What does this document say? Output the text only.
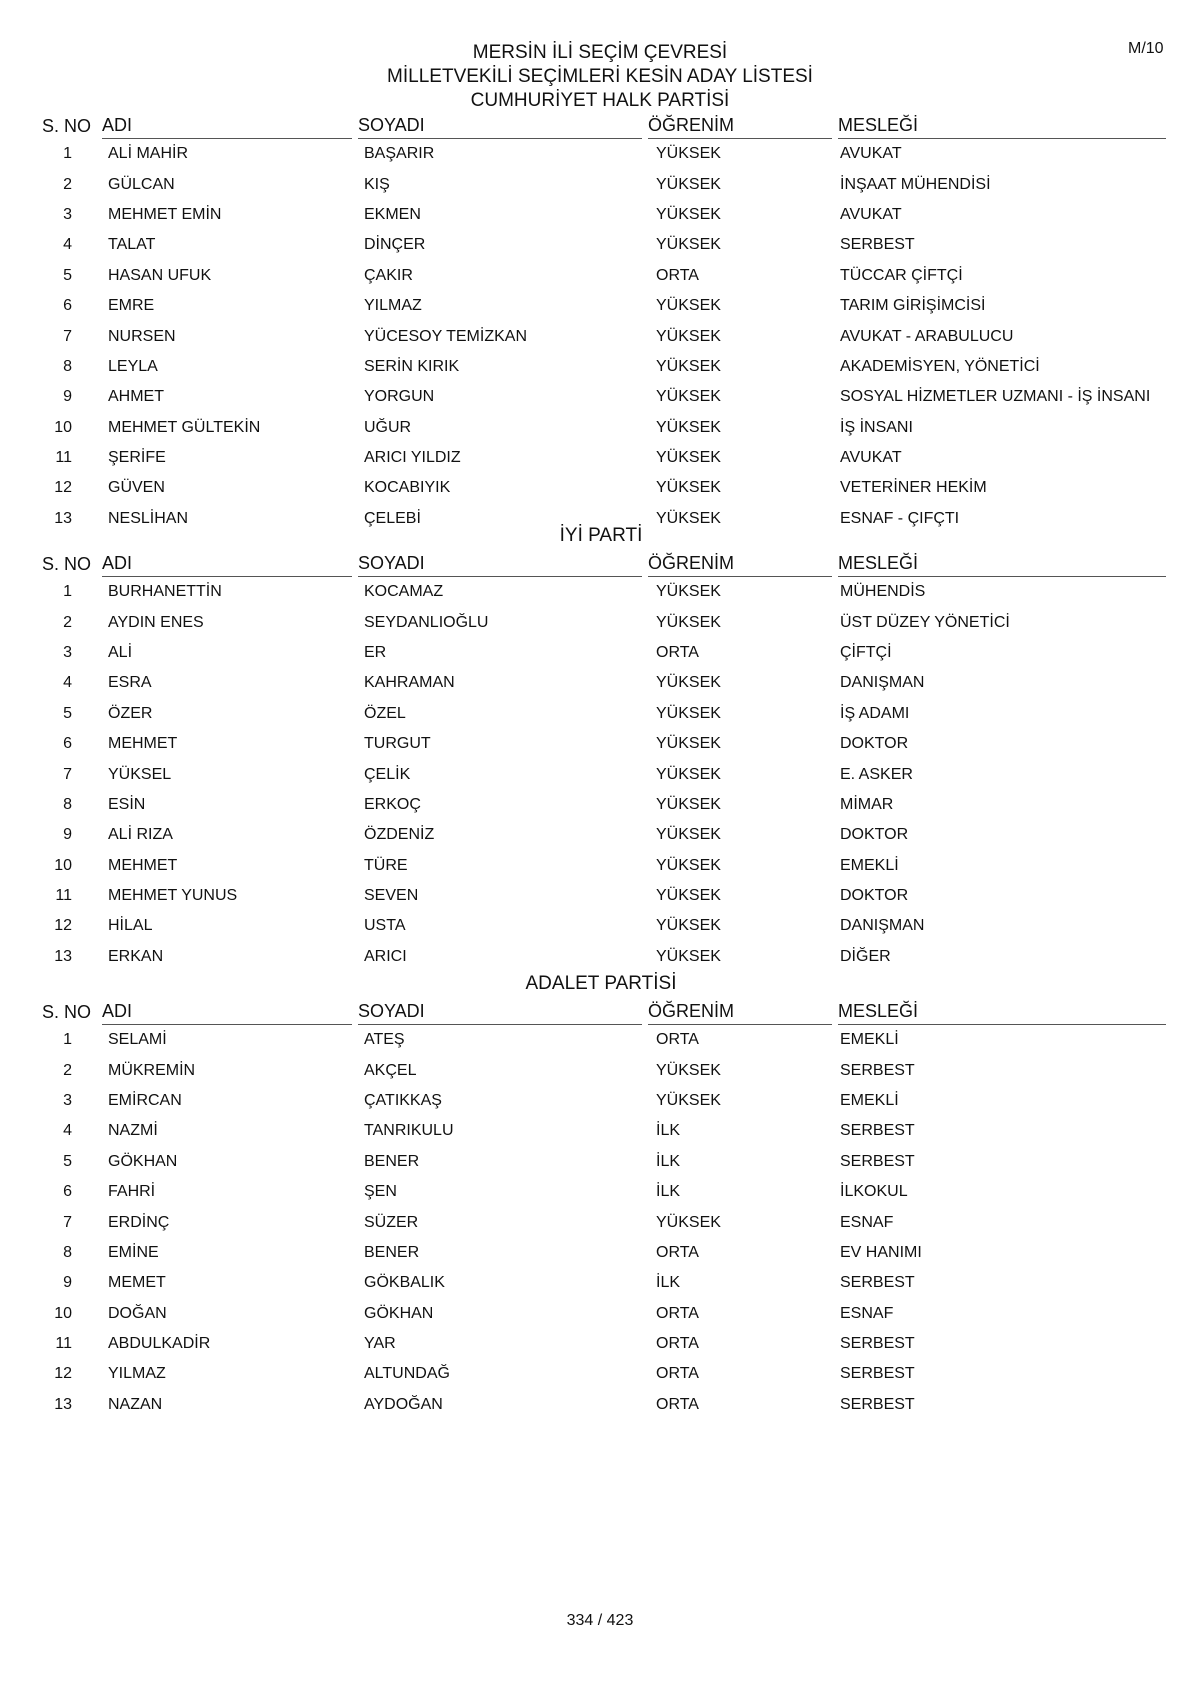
M/10
MERSİN İLİ SEÇİM ÇEVRESİ
MİLLETVEKİLİ SEÇİMLERİ KESİN ADAY LİSTESİ
CUMHURİYET HALK PARTİSİ
S. NO	ADI	SOYADI	ÖĞRENİM	MESLEĞİ

1	ALİ MAHİR	BAŞARIR	YÜKSEK	AVUKAT
2	GÜLCAN	KIŞ	YÜKSEK	İNŞAAT MÜHENDİSİ
3	MEHMET EMİN	EKMEN	YÜKSEK	AVUKAT
4	TALAT	DİNÇER	YÜKSEK	SERBEST
5	HASAN UFUK	ÇAKIR	ORTA	TÜCCAR ÇİFTÇİ
6	EMRE	YILMAZ	YÜKSEK	TARIM GİRİŞİMCİSİ
7	NURSEN	YÜCESOY TEMİZKAN	YÜKSEK	AVUKAT - ARABULUCU
8	LEYLA	SERİN KIRIK	YÜKSEK	AKADEMİSYEN, YÖNETİCİ
9	AHMET	YORGUN	YÜKSEK	SOSYAL HİZMETLER UZMANI - İŞ İNSANI
10	MEHMET GÜLTEKİN	UĞUR	YÜKSEK	İŞ İNSANI
11	ŞERİFE	ARICI YILDIZ	YÜKSEK	AVUKAT
12	GÜVEN	KOCABIYIK	YÜKSEK	VETERİNER HEKİM
13	NESLİHAN	ÇELEBİ	YÜKSEK	ESNAF - ÇIFÇTI
İYİ PARTİ
S. NO	ADI	SOYADI	ÖĞRENİM	MESLEĞİ

1	BURHANETTİN	KOCAMAZ	YÜKSEK	MÜHENDİS
2	AYDIN ENES	SEYDANLIOĞLU	YÜKSEK	ÜST DÜZEY YÖNETİCİ
3	ALİ	ER	ORTA	ÇİFTÇİ
4	ESRA	KAHRAMAN	YÜKSEK	DANIŞMAN
5	ÖZER	ÖZEL	YÜKSEK	İŞ ADAMI
6	MEHMET	TURGUT	YÜKSEK	DOKTOR
7	YÜKSEL	ÇELİK	YÜKSEK	E. ASKER
8	ESİN	ERKOÇ	YÜKSEK	MİMAR
9	ALİ RIZA	ÖZDENİZ	YÜKSEK	DOKTOR
10	MEHMET	TÜRE	YÜKSEK	EMEKLİ
11	MEHMET YUNUS	SEVEN	YÜKSEK	DOKTOR
12	HİLAL	USTA	YÜKSEK	DANIŞMAN
13	ERKAN	ARICI	YÜKSEK	DİĞER
ADALET PARTİSİ
S. NO	ADI	SOYADI	ÖĞRENİM	MESLEĞİ

1	SELAMİ	ATEŞ	ORTA	EMEKLİ
2	MÜKREMİN	AKÇEL	YÜKSEK	SERBEST
3	EMİRCAN	ÇATIKKAŞ	YÜKSEK	EMEKLİ
4	NAZMİ	TANRIKULU	İLK	SERBEST
5	GÖKHAN	BENER	İLK	SERBEST
6	FAHRİ	ŞEN	İLK	İLKOKUL
7	ERDİNÇ	SÜZER	YÜKSEK	ESNAF
8	EMİNE	BENER	ORTA	EV HANIMI
9	MEMET	GÖKBALIK	İLK	SERBEST
10	DOĞAN	GÖKHAN	ORTA	ESNAF
11	ABDULKADİR	YAR	ORTA	SERBEST
12	YILMAZ	ALTUNDAĞ	ORTA	SERBEST
13	NAZAN	AYDOĞAN	ORTA	SERBEST
334 / 423
